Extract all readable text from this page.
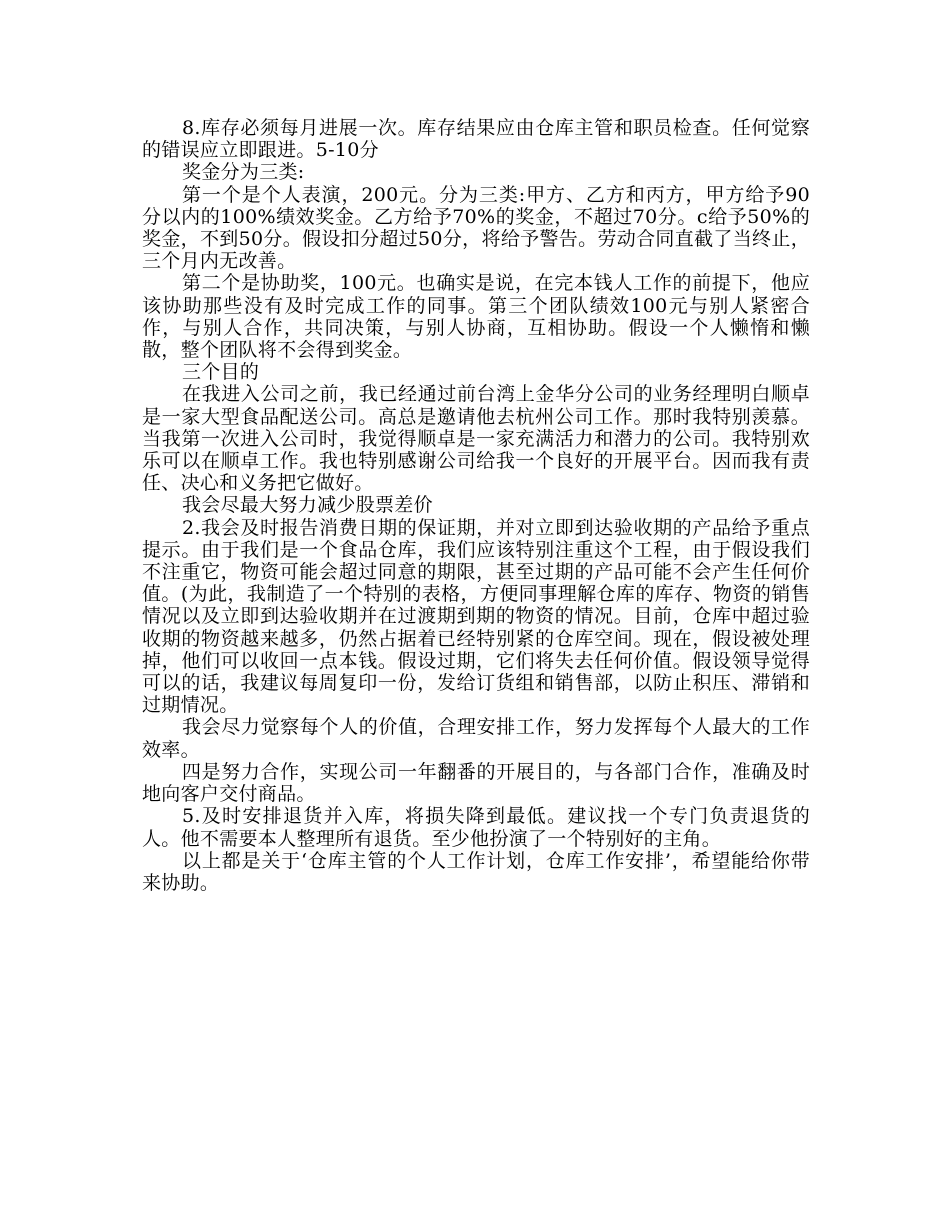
8.库存必须每月进展一次。库存结果应由仓库主管和职员检查。任何觉察的错误应立即跟进。5-10分

奖金分为三类:

第一个是个人表演，200元。分为三类:甲方、乙方和丙方，甲方给予90分以内的100%绩效奖金。乙方给予70%的奖金，不超过70分。c给予50%的奖金，不到50分。假设扣分超过50分，将给予警告。劳动合同直截了当终止，三个月内无改善。

第二个是协助奖，100元。也确实是说，在完本钱人工作的前提下，他应该协助那些没有及时完成工作的同事。第三个团队绩效100元与别人紧密合作，与别人合作，共同决策，与别人协商，互相协助。假设一个人懒惰和懒散，整个团队将不会得到奖金。

三个目的

在我进入公司之前，我已经通过前台湾上金华分公司的业务经理明白顺卓是一家大型食品配送公司。高总是邀请他去杭州公司工作。那时我特别羡慕。当我第一次进入公司时，我觉得顺卓是一家充满活力和潜力的公司。我特别欢乐可以在顺卓工作。我也特别感谢公司给我一个良好的开展平台。因而我有责任、决心和义务把它做好。

我会尽最大努力减少股票差价

2.我会及时报告消费日期的保证期，并对立即到达验收期的产品给予重点提示。由于我们是一个食品仓库，我们应该特别注重这个工程，由于假设我们不注重它，物资可能会超过同意的期限，甚至过期的产品可能不会产生任何价值。(为此，我制造了一个特别的表格，方便同事理解仓库的库存、物资的销售情况以及立即到达验收期并在过渡期到期的物资的情况。目前，仓库中超过验收期的物资越来越多，仍然占据着已经特别紧的仓库空间。现在，假设被处理掉，他们可以收回一点本钱。假设过期，它们将失去任何价值。假设领导觉得可以的话，我建议每周复印一份，发给订货组和销售部，以防止积压、滞销和过期情况。

我会尽力觉察每个人的价值，合理安排工作，努力发挥每个人最大的工作效率。

四是努力合作，实现公司一年翻番的开展目的，与各部门合作，准确及时地向客户交付商品。

5.及时安排退货并入库，将损失降到最低。建议找一个专门负责退货的人。他不需要本人整理所有退货。至少他扮演了一个特别好的主角。

以上都是关于‘仓库主管的个人工作计划，仓库工作安排’，希望能给你带来协助。
